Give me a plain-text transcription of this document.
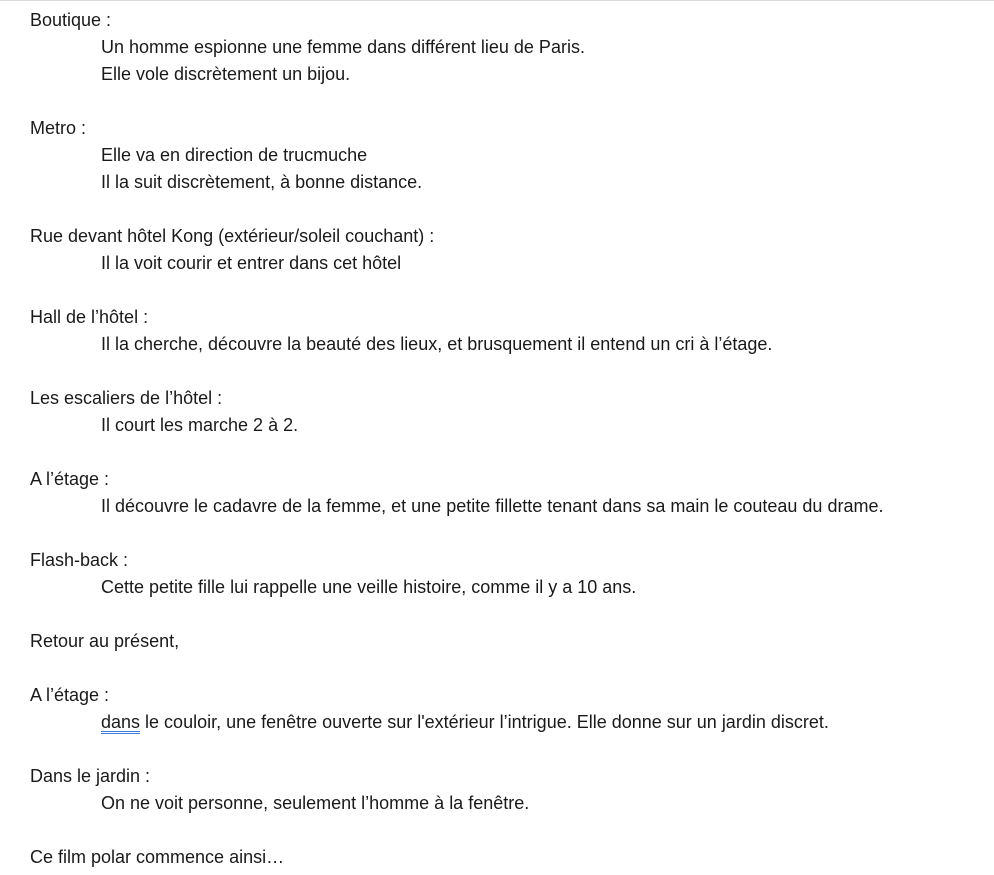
Boutique :
Un homme espionne une femme dans différent lieu de Paris.
Elle vole discrètement un bijou.
Metro :
Elle va en direction de trucmuche
Il la suit discrètement, à bonne distance.
Rue devant hôtel Kong (extérieur/soleil couchant) :
Il la voit courir et entrer dans cet hôtel
Hall de l’hôtel :
Il la cherche, découvre la beauté des lieux, et brusquement il entend un cri à l’étage.
Les escaliers de l’hôtel :
Il court les marche 2 à 2.
A l’étage :
Il découvre le cadavre de la femme, et une petite fillette tenant dans sa main le couteau du drame.
Flash-back :
Cette petite fille lui rappelle une veille histoire, comme il y a 10 ans.
Retour au présent,
A l’étage :
dans le couloir, une fenêtre ouverte sur l'extérieur l’intrigue. Elle donne sur un jardin discret.
Dans le jardin :
On ne voit personne, seulement l’homme à la fenêtre.
Ce film polar commence ainsi…
